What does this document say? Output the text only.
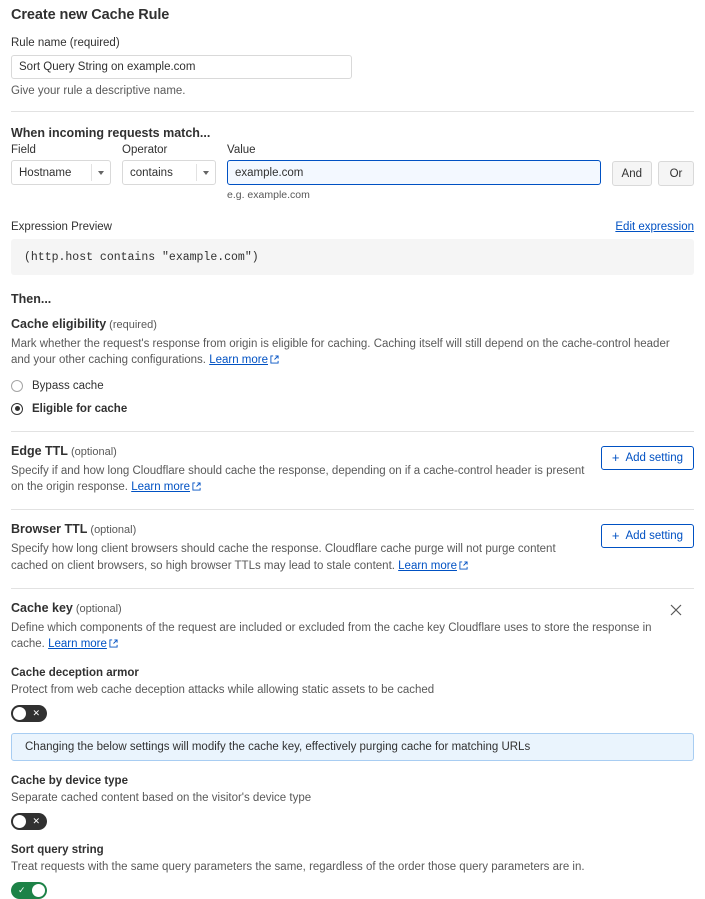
Create new Cache Rule
Rule name (required)
Sort Query String on example.com
Give your rule a descriptive name.
When incoming requests match...
Field
Hostname
Operator
contains
Value
example.com
e.g. example.com
And	Or
Expression Preview	Edit expression
(http.host contains "example.com")
Then...
Cache eligibility (required)
Mark whether the request's response from origin is eligible for caching. Caching itself will still depend on the cache-control header and your other caching configurations. Learn more
Bypass cache
Eligible for cache
Edge TTL (optional)
Specify if and how long Cloudflare should cache the response, depending on if a cache-control header is present on the origin response. Learn more
+ Add setting
Browser TTL (optional)
Specify how long client browsers should cache the response. Cloudflare cache purge will not purge content cached on client browsers, so high browser TTLs may lead to stale content. Learn more
+ Add setting
Cache key (optional)
Define which components of the request are included or excluded from the cache key Cloudflare uses to store the response in cache. Learn more
Cache deception armor
Protect from web cache deception attacks while allowing static assets to be cached
✕
Changing the below settings will modify the cache key, effectively purging cache for matching URLs
Cache by device type
Separate cached content based on the visitor's device type
✕
Sort query string
Treat requests with the same query parameters the same, regardless of the order those query parameters are in.
✓
